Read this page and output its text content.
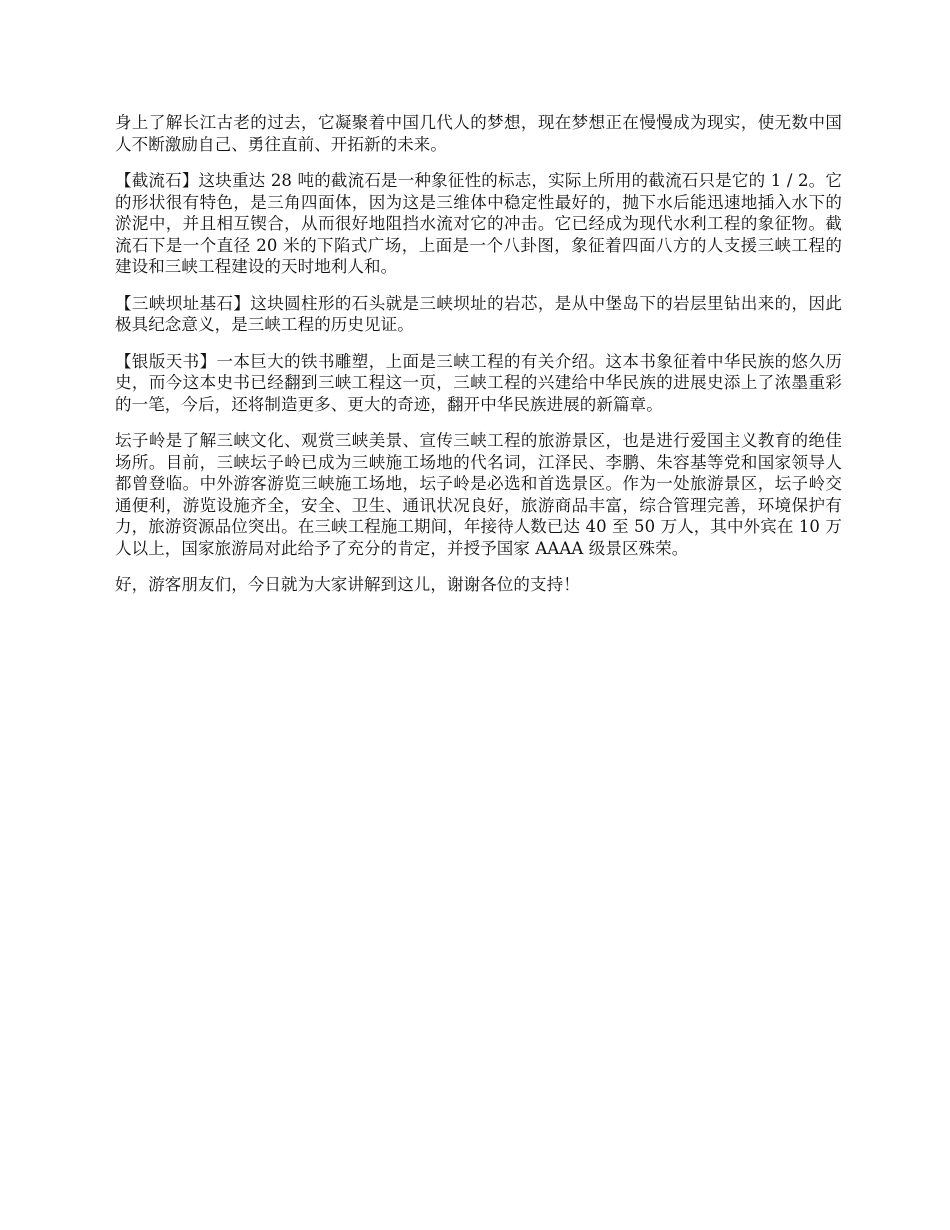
身上了解长江古老的过去，它凝聚着中国几代人的梦想，现在梦想正在慢慢成为现实，使无数中国人不断激励自己、勇往直前、开拓新的未来。

【截流石】这块重达 28 吨的截流石是一种象征性的标志，实际上所用的截流石只是它的 1 / 2。它的形状很有特色，是三角四面体，因为这是三维体中稳定性最好的，抛下水后能迅速地插入水下的淤泥中，并且相互锲合，从而很好地阻挡水流对它的冲击。它已经成为现代水利工程的象征物。截流石下是一个直径 20 米的下陷式广场，上面是一个八卦图，象征着四面八方的人支援三峡工程的建设和三峡工程建设的天时地利人和。

【三峡坝址基石】这块圆柱形的石头就是三峡坝址的岩芯，是从中堡岛下的岩层里钻出来的，因此极具纪念意义，是三峡工程的历史见证。

【银版天书】一本巨大的铁书雕塑，上面是三峡工程的有关介绍。这本书象征着中华民族的悠久历史，而今这本史书已经翻到三峡工程这一页，三峡工程的兴建给中华民族的进展史添上了浓墨重彩的一笔，今后，还将制造更多、更大的奇迹，翻开中华民族进展的新篇章。

坛子岭是了解三峡文化、观赏三峡美景、宣传三峡工程的旅游景区，也是进行爱国主义教育的绝佳场所。目前，三峡坛子岭已成为三峡施工场地的代名词，江泽民、李鹏、朱容基等党和国家领导人都曾登临。中外游客游览三峡施工场地，坛子岭是必选和首选景区。作为一处旅游景区，坛子岭交通便利，游览设施齐全，安全、卫生、通讯状况良好，旅游商品丰富，综合管理完善，环境保护有力，旅游资源品位突出。在三峡工程施工期间，年接待人数已达 40 至 50 万人，其中外宾在 10 万人以上，国家旅游局对此给予了充分的肯定，并授予国家 AAAA 级景区殊荣。

好，游客朋友们，今日就为大家讲解到这儿，谢谢各位的支持！
